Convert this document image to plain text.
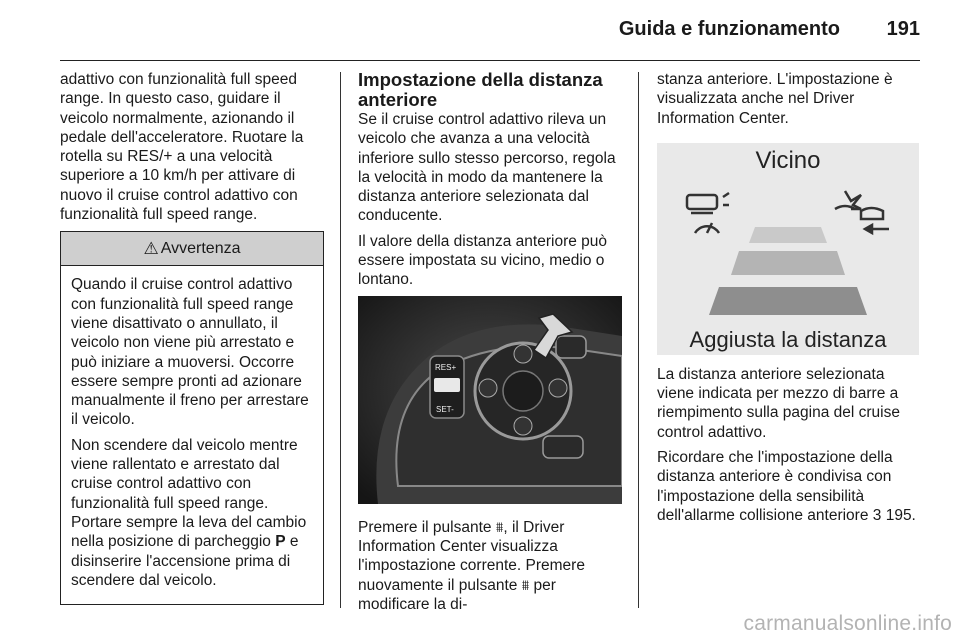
Guida e funzionamento	191

adattivo con funzionalità full speed range. In questo caso, guidare il veicolo normalmente, azionando il pedale dell'acceleratore. Ruotare la rotella su RES/+ a una velocità superiore a 10 km/h per attivare di nuovo il cruise control adattivo con funzionalità full speed range.

⚠ Avvertenza

Quando il cruise control adattivo con funzionalità full speed range viene disattivato o annullato, il veicolo non viene più arrestato e può iniziare a muoversi. Occorre essere sempre pronti ad azionare manualmente il freno per arrestare il veicolo.

Non scendere dal veicolo mentre viene rallentato e arrestato dal cruise control adattivo con funzionalità full speed range. Portare sempre la leva del cambio nella posizione di parcheggio P e disinserire l'accensione prima di scendere dal veicolo.

Impostazione della distanza anteriore

Se il cruise control adattivo rileva un veicolo che avanza a una velocità inferiore sullo stesso percorso, regola la velocità in modo da mantenere la distanza anteriore selezionata dal conducente.

Il valore della distanza anteriore può essere impostata su vicino, medio o lontano.

RES+
SET-

Premere il pulsante ⩩, il Driver Information Center visualizza l'impostazione corrente. Premere nuovamente il pulsante ⩩ per modificare la di-

stanza anteriore. L'impostazione è visualizzata anche nel Driver Information Center.

Vicino
Aggiusta la distanza

La distanza anteriore selezionata viene indicata per mezzo di barre a riempimento sulla pagina del cruise control adattivo.

Ricordare che l'impostazione della distanza anteriore è condivisa con l'impostazione della sensibilità dell'allarme collisione anteriore 3 195.

carmanualsonline.info
